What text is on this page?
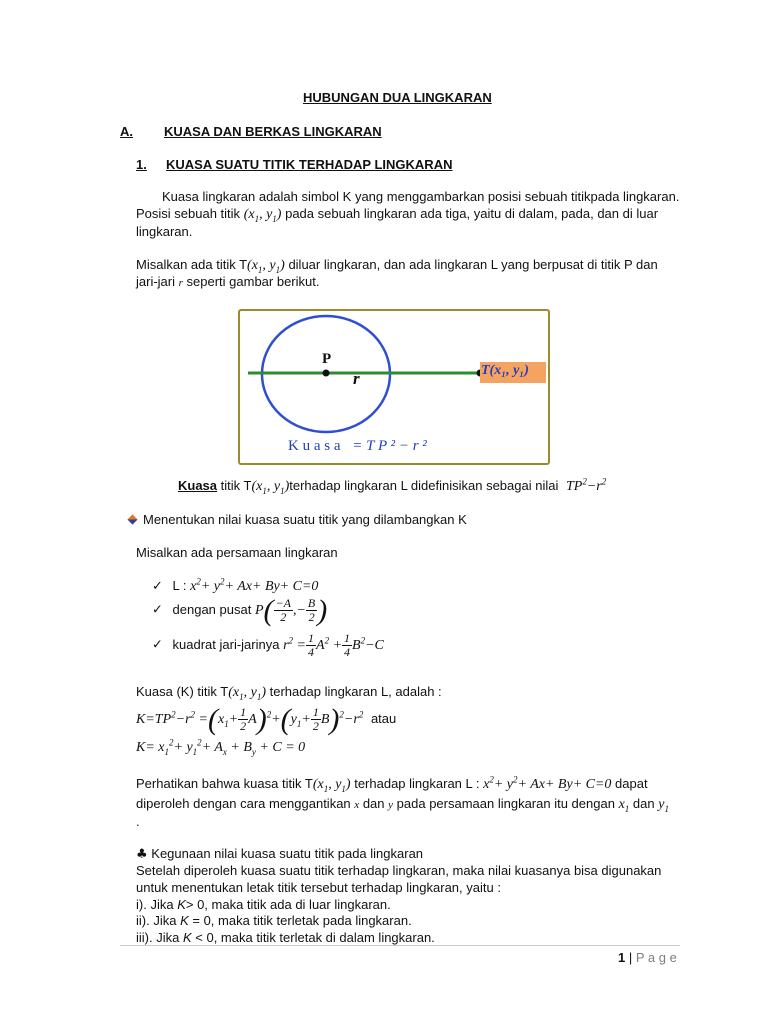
HUBUNGAN DUA LINGKARAN
A. KUASA DAN BERKAS LINGKARAN
1. KUASA SUATU TITIK TERHADAP LINGKARAN
Kuasa lingkaran adalah simbol K yang menggambarkan posisi sebuah titikpada lingkaran.
Posisi sebuah titik ($x_1$, $y_1$) pada sebuah lingkaran ada tiga, yaitu di dalam, pada, dan di luar
lingkaran.
Misalkan ada titik $T(x_1$, $y_1$) diluar lingkaran, dan ada lingkaran L yang berpusat di titik P dan
jari-jari r seperti gambar berikut.
P
r	T(x₁, y₁)
K u a s a = T P ² − r ²
Kuasa titik $T(x_1$, $y_1)terhadap$ lingkaran L didefinisikan sebagai nilai $TP^2-r^2$
Menentukan nilai kuasa suatu titik yang dilambangkan K
Misalkan ada persamaan lingkaran
✓ L : $x^2+ y^2+ Ax+ By+ C=0$
✓ dengan pusat $P( \frac{-A}{2}$ ,− $\frac{B}{2}$ )
✓ kuadrat jari-jarinya $r^2 = \frac{1}{4} A^2 + \frac{1}{4} B^2-C$
Kuasa (K) titik $T(x_1$, $y_1$) terhadap lingkaran L, adalah :
$K=TP^2-r^2 =(x_1+ \frac{1}{2} A)^2+(y_1+ \frac{1}{2} B)^2-r^2$ atau
$K= x_1^2+ y_1^2+ A_x + B_y + C = 0$
Perhatikan bahwa kuasa titik $T(x_1$, $y_1$) terhadap lingkaran L : $x^2+ y^2+ Ax+ By+ C=0$ dapat
diperoleh dengan cara menggantikan x dan y pada persamaan lingkaran itu dengan $x_1$ dan $y_1$
.
♣ Kegunaan nilai kuasa suatu titik pada lingkaran
Setelah diperoleh kuasa suatu titik terhadap lingkaran, maka nilai kuasanya bisa digunakan
untuk menentukan letak titik tersebut terhadap lingkaran, yaitu :
i). Jika K> 0, maka titik ada di luar lingkaran.
ii). Jika K = 0, maka titik terletak pada lingkaran.
iii). Jika K < 0, maka titik terletak di dalam lingkaran.
1 | P a g e
